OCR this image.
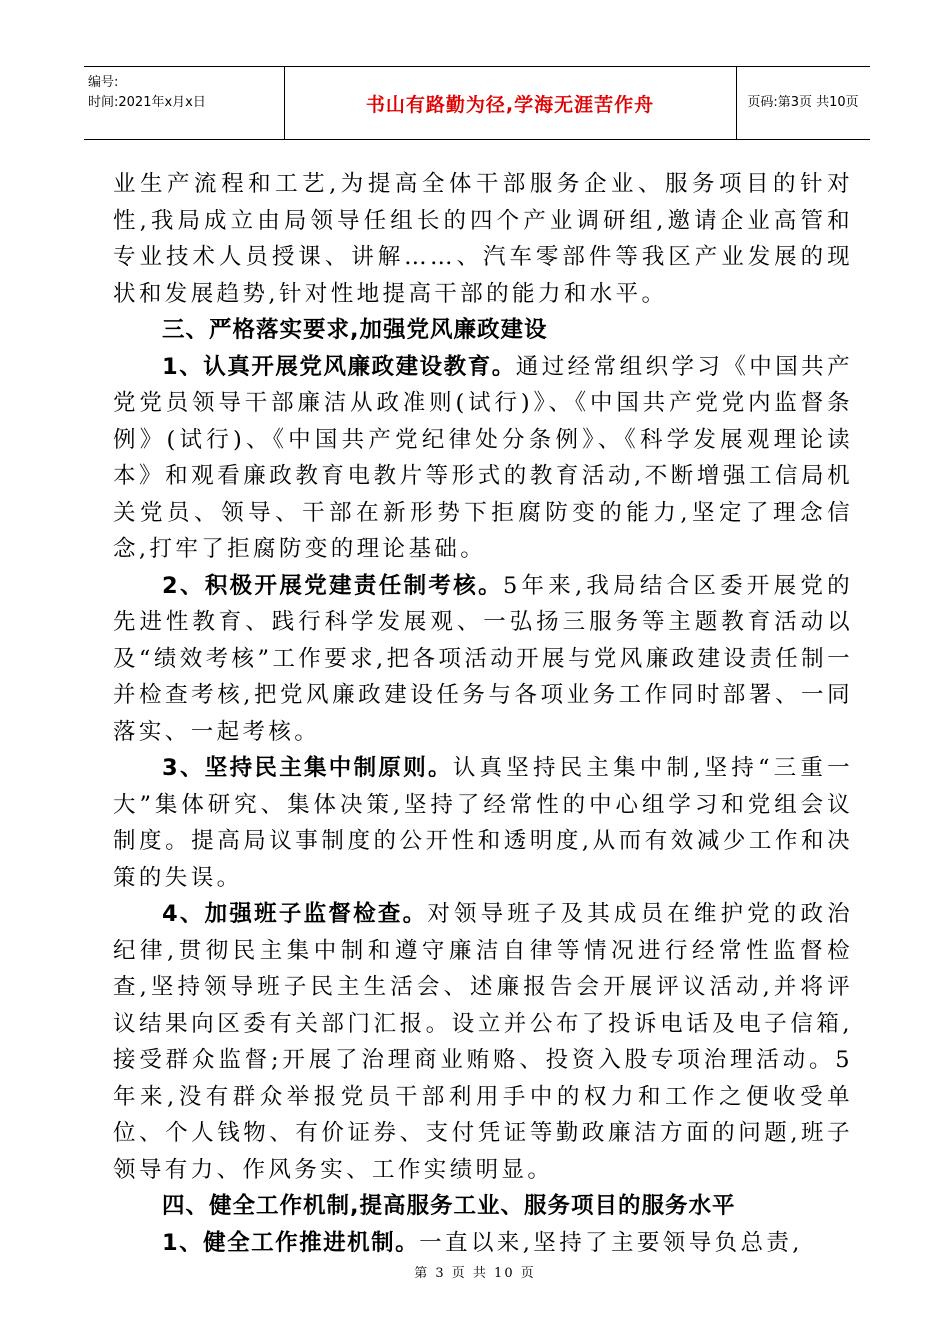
编号:
时间:2021年x月x日	书山有路勤为径,学海无涯苦作舟	页码:第3页 共10页

业生产流程和工艺,为提高全体干部服务企业、服务项目的针对性,我局成立由局领导任组长的四个产业调研组,邀请企业高管和专业技术人员授课、讲解……、汽车零部件等我区产业发展的现状和发展趋势,针对性地提高干部的能力和水平。

三、严格落实要求,加强党风廉政建设

1、认真开展党风廉政建设教育。通过经常组织学习《中国共产党党员领导干部廉洁从政准则(试行)》、《中国共产党党内监督条例》(试行)、《中国共产党纪律处分条例》、《科学发展观理论读本》和观看廉政教育电教片等形式的教育活动,不断增强工信局机关党员、领导、干部在新形势下拒腐防变的能力,坚定了理念信念,打牢了拒腐防变的理论基础。

2、积极开展党建责任制考核。5年来,我局结合区委开展党的先进性教育、践行科学发展观、一弘扬三服务等主题教育活动以及“绩效考核”工作要求,把各项活动开展与党风廉政建设责任制一并检查考核,把党风廉政建设任务与各项业务工作同时部署、一同落实、一起考核。

3、坚持民主集中制原则。认真坚持民主集中制,坚持“三重一大”集体研究、集体决策,坚持了经常性的中心组学习和党组会议制度。提高局议事制度的公开性和透明度,从而有效减少工作和决策的失误。

4、加强班子监督检查。对领导班子及其成员在维护党的政治纪律,贯彻民主集中制和遵守廉洁自律等情况进行经常性监督检查,坚持领导班子民主生活会、述廉报告会开展评议活动,并将评议结果向区委有关部门汇报。设立并公布了投诉电话及电子信箱,接受群众监督;开展了治理商业贿赂、投资入股专项治理活动。5年来,没有群众举报党员干部利用手中的权力和工作之便收受单位、个人钱物、有价证券、支付凭证等勤政廉洁方面的问题,班子领导有力、作风务实、工作实绩明显。

四、健全工作机制,提高服务工业、服务项目的服务水平

1、健全工作推进机制。一直以来,坚持了主要领导负总责,

第 3 页 共 10 页
